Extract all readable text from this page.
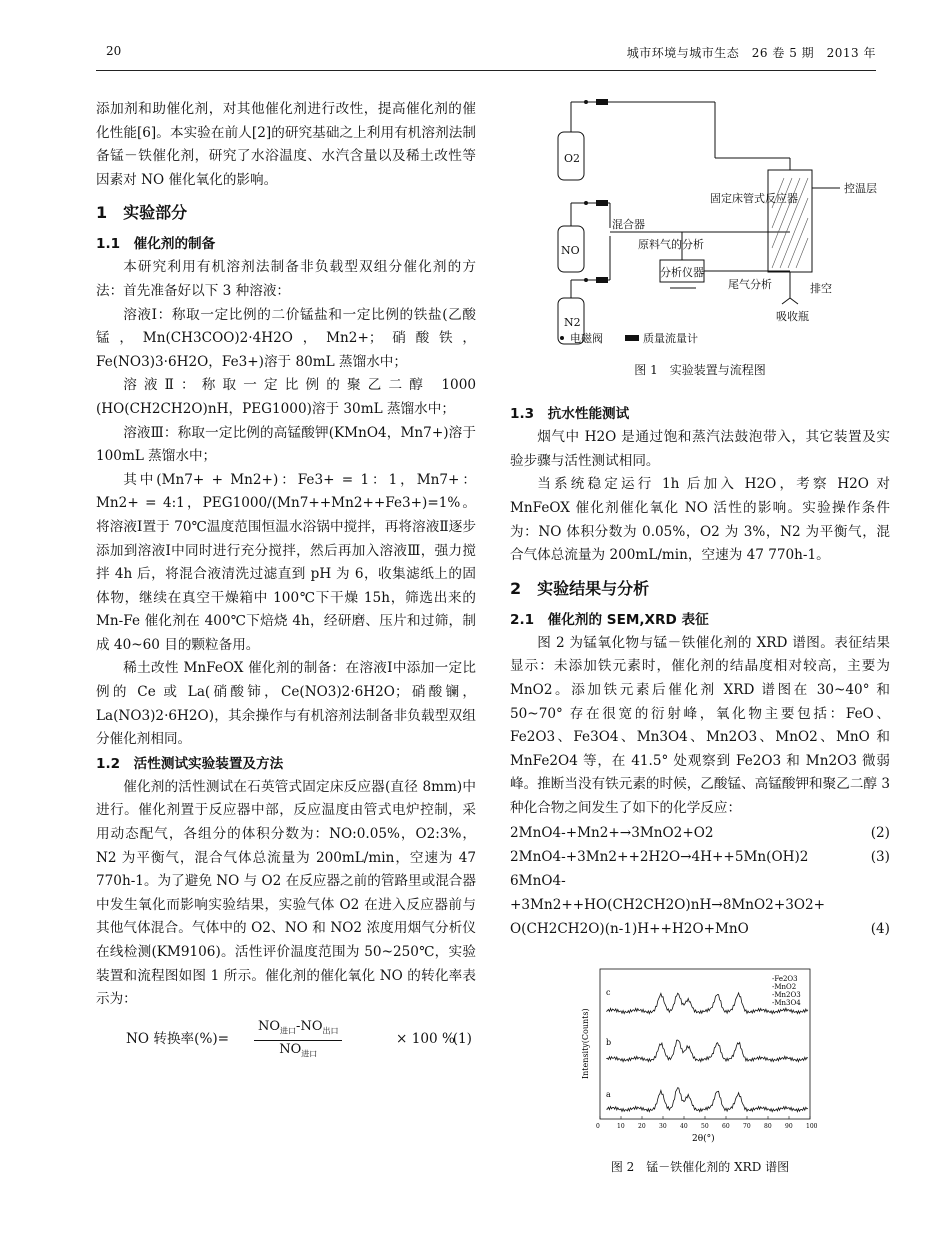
20	城市环境与城市生态　26 卷 5 期　2013 年

添加剂和助催化剂，对其他催化剂进行改性，提高催化剂的催化性能[6]。本实验在前人[2]的研究基础之上利用有机溶剂法制备锰－铁催化剂，研究了水浴温度、水汽含量以及稀土改性等因素对 NO 催化氧化的影响。

1　实验部分
1.1　催化剂的制备

本研究利用有机溶剂法制备非负载型双组分催化剂的方法：首先准备好以下 3 种溶液：

溶液Ⅰ：称取一定比例的二价锰盐和一定比例的铁盐(乙酸锰，Mn(CH3COO)2·4H2O，Mn2+；硝酸铁，Fe(NO3)3·6H2O，Fe3+)溶于 80mL 蒸馏水中；

溶液Ⅱ：称取一定比例的聚乙二醇 1000 (HO(CH2CH2O)nH，PEG1000)溶于 30mL 蒸馏水中；

溶液Ⅲ：称取一定比例的高锰酸钾(KMnO4，Mn7+)溶于 100mL 蒸馏水中；

其中(Mn7+ + Mn2+)：Fe3+ = 1：1，Mn7+：Mn2+ = 4:1，PEG1000/(Mn7++Mn2++Fe3+)=1%。将溶液Ⅰ置于 70℃温度范围恒温水浴锅中搅拌，再将溶液Ⅱ逐步添加到溶液Ⅰ中同时进行充分搅拌，然后再加入溶液Ⅲ，强力搅拌 4h 后，将混合液清洗过滤直到 pH 为 6，收集滤纸上的固体物，继续在真空干燥箱中 100℃下干燥 15h，筛选出来的 Mn-Fe 催化剂在 400℃下焙烧 4h，经研磨、压片和过筛，制成 40~60 目的颗粒备用。

稀土改性 MnFeOX 催化剂的制备：在溶液Ⅰ中添加一定比例的 Ce 或 La(硝酸铈，Ce(NO3)2·6H2O；硝酸镧，La(NO3)2·6H2O)，其余操作与有机溶剂法制备非负载型双组分催化剂相同。

1.2　活性测试实验装置及方法

催化剂的活性测试在石英管式固定床反应器(直径 8mm)中进行。催化剂置于反应器中部，反应温度由管式电炉控制，采用动态配气，各组分的体积分数为：NO:0.05%，O2:3%，N2 为平衡气，混合气体总流量为 200mL/min，空速为 47 770h-1。为了避免 NO 与 O2 在反应器之前的管路里或混合器中发生氧化而影响实验结果，实验气体 O2 在进入反应器前与其他气体混合。气体中的 O2、NO 和 NO2 浓度用烟气分析仪在线检测(KM9106)。活性评价温度范围为 50~250℃，实验装置和流程图如图 1 所示。催化剂的催化氧化 NO 的转化率表示为：

NO 转换率(%)=
$NO_{进口}-NO_{出口}$
$NO_{进口}$
× 100 %
(1)
O2
NO
N2
混合器
原料气的分析
分析仪器
固定床管式反应器
控温层
尾气分析	排空
吸收瓶
电磁阀	质量流量计
图 1　实验装置与流程图
1.3　抗水性能测试

烟气中 H2O 是通过饱和蒸汽法鼓泡带入，其它装置及实验步骤与活性测试相同。

当系统稳定运行 1h 后加入 H2O，考察 H2O 对 MnFeOX 催化剂催化氧化 NO 活性的影响。实验操作条件为：NO 体积分数为 0.05%，O2 为 3%，N2 为平衡气，混合气体总流量为 200mL/min，空速为 47 770h-1。

2　实验结果与分析
2.1　催化剂的 SEM,XRD 表征

图 2 为锰氧化物与锰－铁催化剂的 XRD 谱图。表征结果显示：未添加铁元素时，催化剂的结晶度相对较高，主要为 MnO2。添加铁元素后催化剂 XRD 谱图在 30~40° 和 50~70° 存在很宽的衍射峰，氧化物主要包括：FeO、Fe2O3、Fe3O4、Mn3O4、Mn2O3、MnO2、MnO 和 MnFe2O4 等，在 41.5° 处观察到 Fe2O3 和 Mn2O3 微弱峰。推断当没有铁元素的时候，乙酸锰、高锰酸钾和聚乙二醇 3 种化合物之间发生了如下的化学反应：

2MnO4-+Mn2+→3MnO2+O2	(2)
2MnO4-+3Mn2++2H2O→4H++5Mn(OH)2	(3)
6MnO4-+3Mn2++HO(CH2CH2O)nH→8MnO2+3O2+
O(CH2CH2O)(n-1)H++H2O+MnO	(4)
Intensity(Counts)
2θ(°)
0	10 20 30 40 50 60 70 80 90 100
-Fe2O3
-MnO2
-Mn2O3
-Mn3O4
c
b
a
图 2　锰－铁催化剂的 XRD 谱图
